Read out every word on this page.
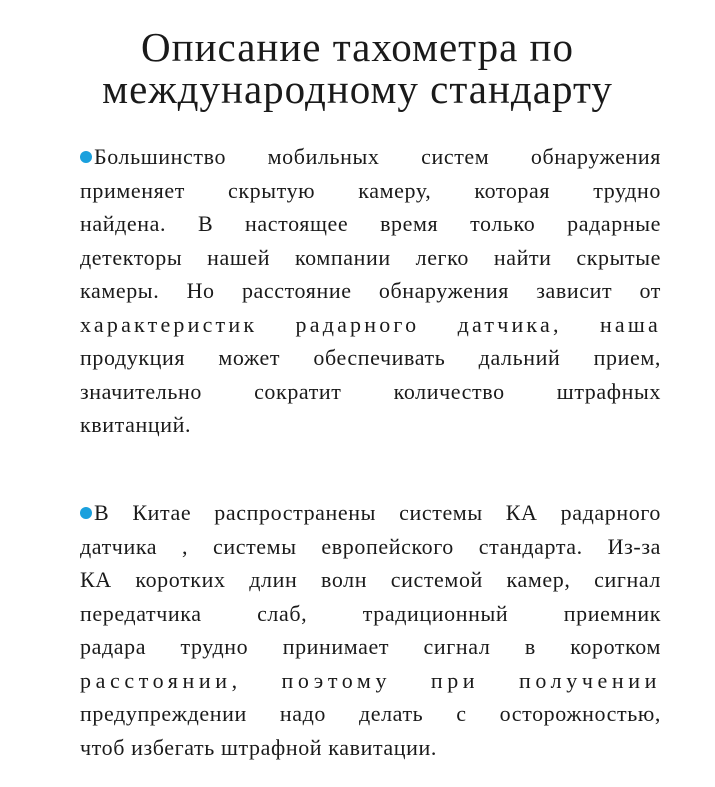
Описание тахометра по
международному стандарту
Большинство мобильных систем обнаружения
применяет скрытую камеру, которая трудно
найдена. В настоящее время только радарные
детекторы нашей компании легко найти скрытые
камеры. Но расстояние обнаружения зависит от
характеристик радарного датчика, наша
продукция может обеспечивать дальний прием,
значительно сократит количество штрафных
квитанций.
В Китае распространены системы КА радарного
датчика , системы европейского стандарта. Из-за
КА коротких длин волн системой камер, сигнал
передатчика слаб, традиционный приемник
радара трудно принимает сигнал в коротком
расстоянии, поэтому при получении
предупреждении надо делать с осторожностью,
чтоб избегать штрафной кавитации.
